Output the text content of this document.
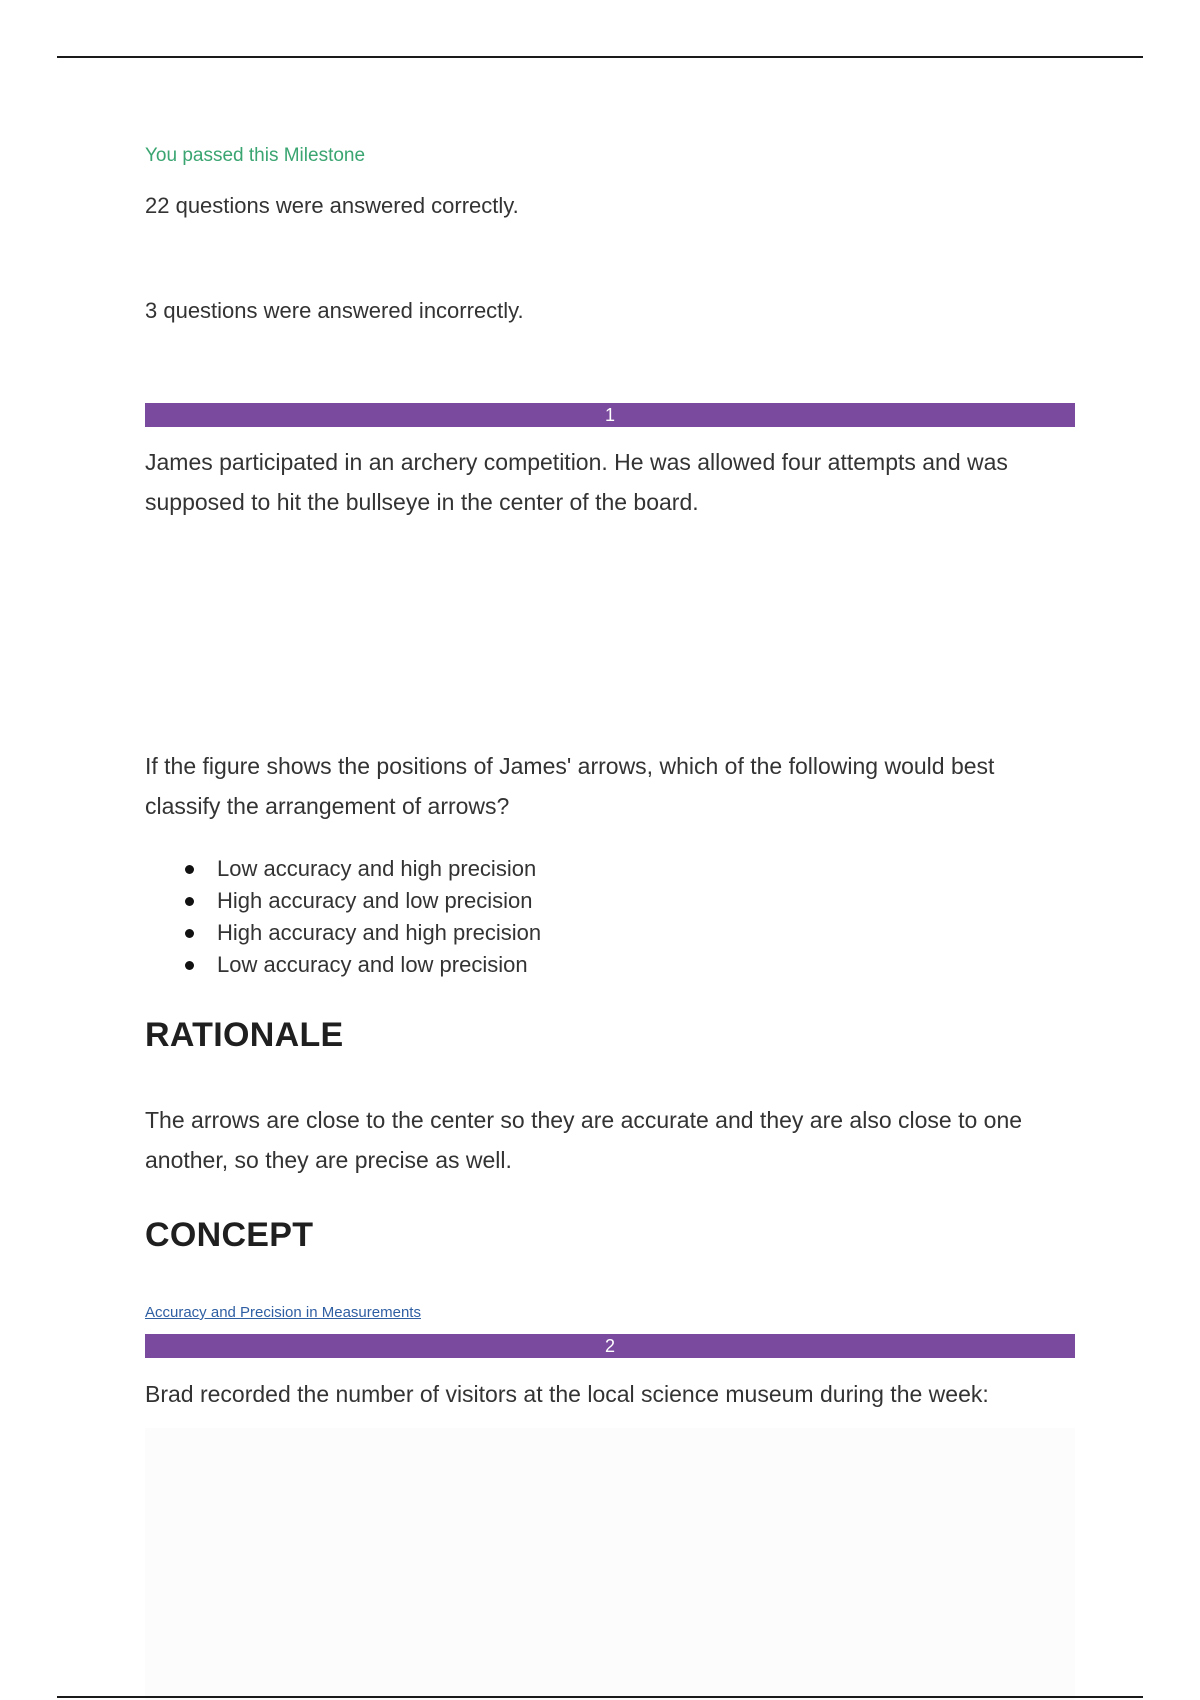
You passed this Milestone
22 questions were answered correctly.
3 questions were answered incorrectly.
1
James participated in an archery competition. He was allowed four attempts and was supposed to hit the bullseye in the center of the board.
If the figure shows the positions of James' arrows, which of the following would best classify the arrangement of arrows?
Low accuracy and high precision
High accuracy and low precision
High accuracy and high precision
Low accuracy and low precision
RATIONALE
The arrows are close to the center so they are accurate and they are also close to one another, so they are precise as well.
CONCEPT
Accuracy and Precision in Measurements
2
Brad recorded the number of visitors at the local science museum during the week:
